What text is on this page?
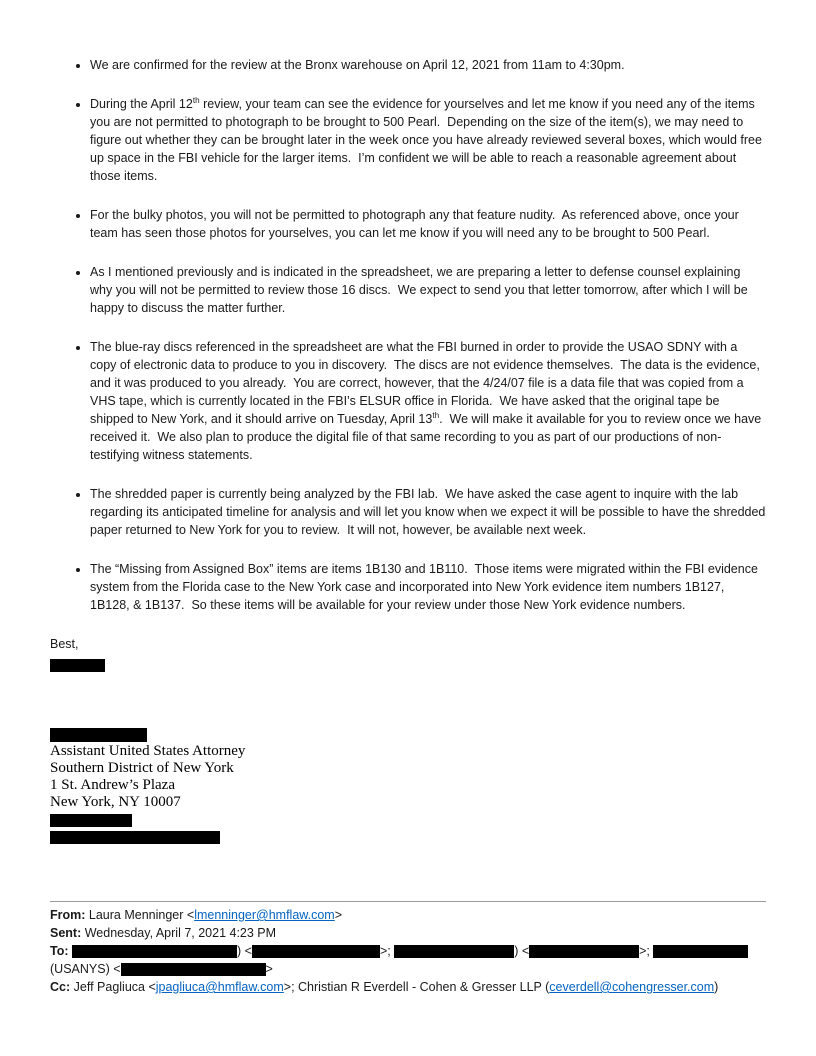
• We are confirmed for the review at the Bronx warehouse on April 12, 2021 from 11am to 4:30pm.
• During the April 12th review, your team can see the evidence for yourselves and let me know if you need any of the items you are not permitted to photograph to be brought to 500 Pearl.  Depending on the size of the item(s), we may need to figure out whether they can be brought later in the week once you have already reviewed several boxes, which would free up space in the FBI vehicle for the larger items.  I’m confident we will be able to reach a reasonable agreement about those items.
• For the bulky photos, you will not be permitted to photograph any that feature nudity.  As referenced above, once your team has seen those photos for yourselves, you can let me know if you will need any to be brought to 500 Pearl.
• As I mentioned previously and is indicated in the spreadsheet, we are preparing a letter to defense counsel explaining why you will not be permitted to review those 16 discs.  We expect to send you that letter tomorrow, after which I will be happy to discuss the matter further.
• The blue-ray discs referenced in the spreadsheet are what the FBI burned in order to provide the USAO SDNY with a copy of electronic data to produce to you in discovery.  The discs are not evidence themselves.  The data is the evidence, and it was produced to you already.  You are correct, however, that the 4/24/07 file is a data file that was copied from a VHS tape, which is currently located in the FBI’s ELSUR office in Florida.  We have asked that the original tape be shipped to New York, and it should arrive on Tuesday, April 13th.  We will make it available for you to review once we have received it.  We also plan to produce the digital file of that same recording to you as part of our productions of non-testifying witness statements.
• The shredded paper is currently being analyzed by the FBI lab.  We have asked the case agent to inquire with the lab regarding its anticipated timeline for analysis and will let you know when we expect it will be possible to have the shredded paper returned to New York for you to review.  It will not, however, be available next week.
• The “Missing from Assigned Box” items are items 1B130 and 1B110.  Those items were migrated within the FBI evidence system from the Florida case to the New York case and incorporated into New York evidence item numbers 1B127, 1B128, & 1B137.  So these items will be available for your review under those New York evidence numbers.

Best,

Assistant United States Attorney
Southern District of New York
1 St. Andrew’s Plaza
New York, NY 10007
From: Laura Menninger <lmenninger@hmflaw.com>
Sent: Wednesday, April 7, 2021 4:23 PM
To:	) <	>;	) <	>;
(USANYS) <	>
Cc: Jeff Pagliuca <jpagliuca@hmflaw.com>; Christian R Everdell - Cohen & Gresser LLP (ceverdell@cohengresser.com)
